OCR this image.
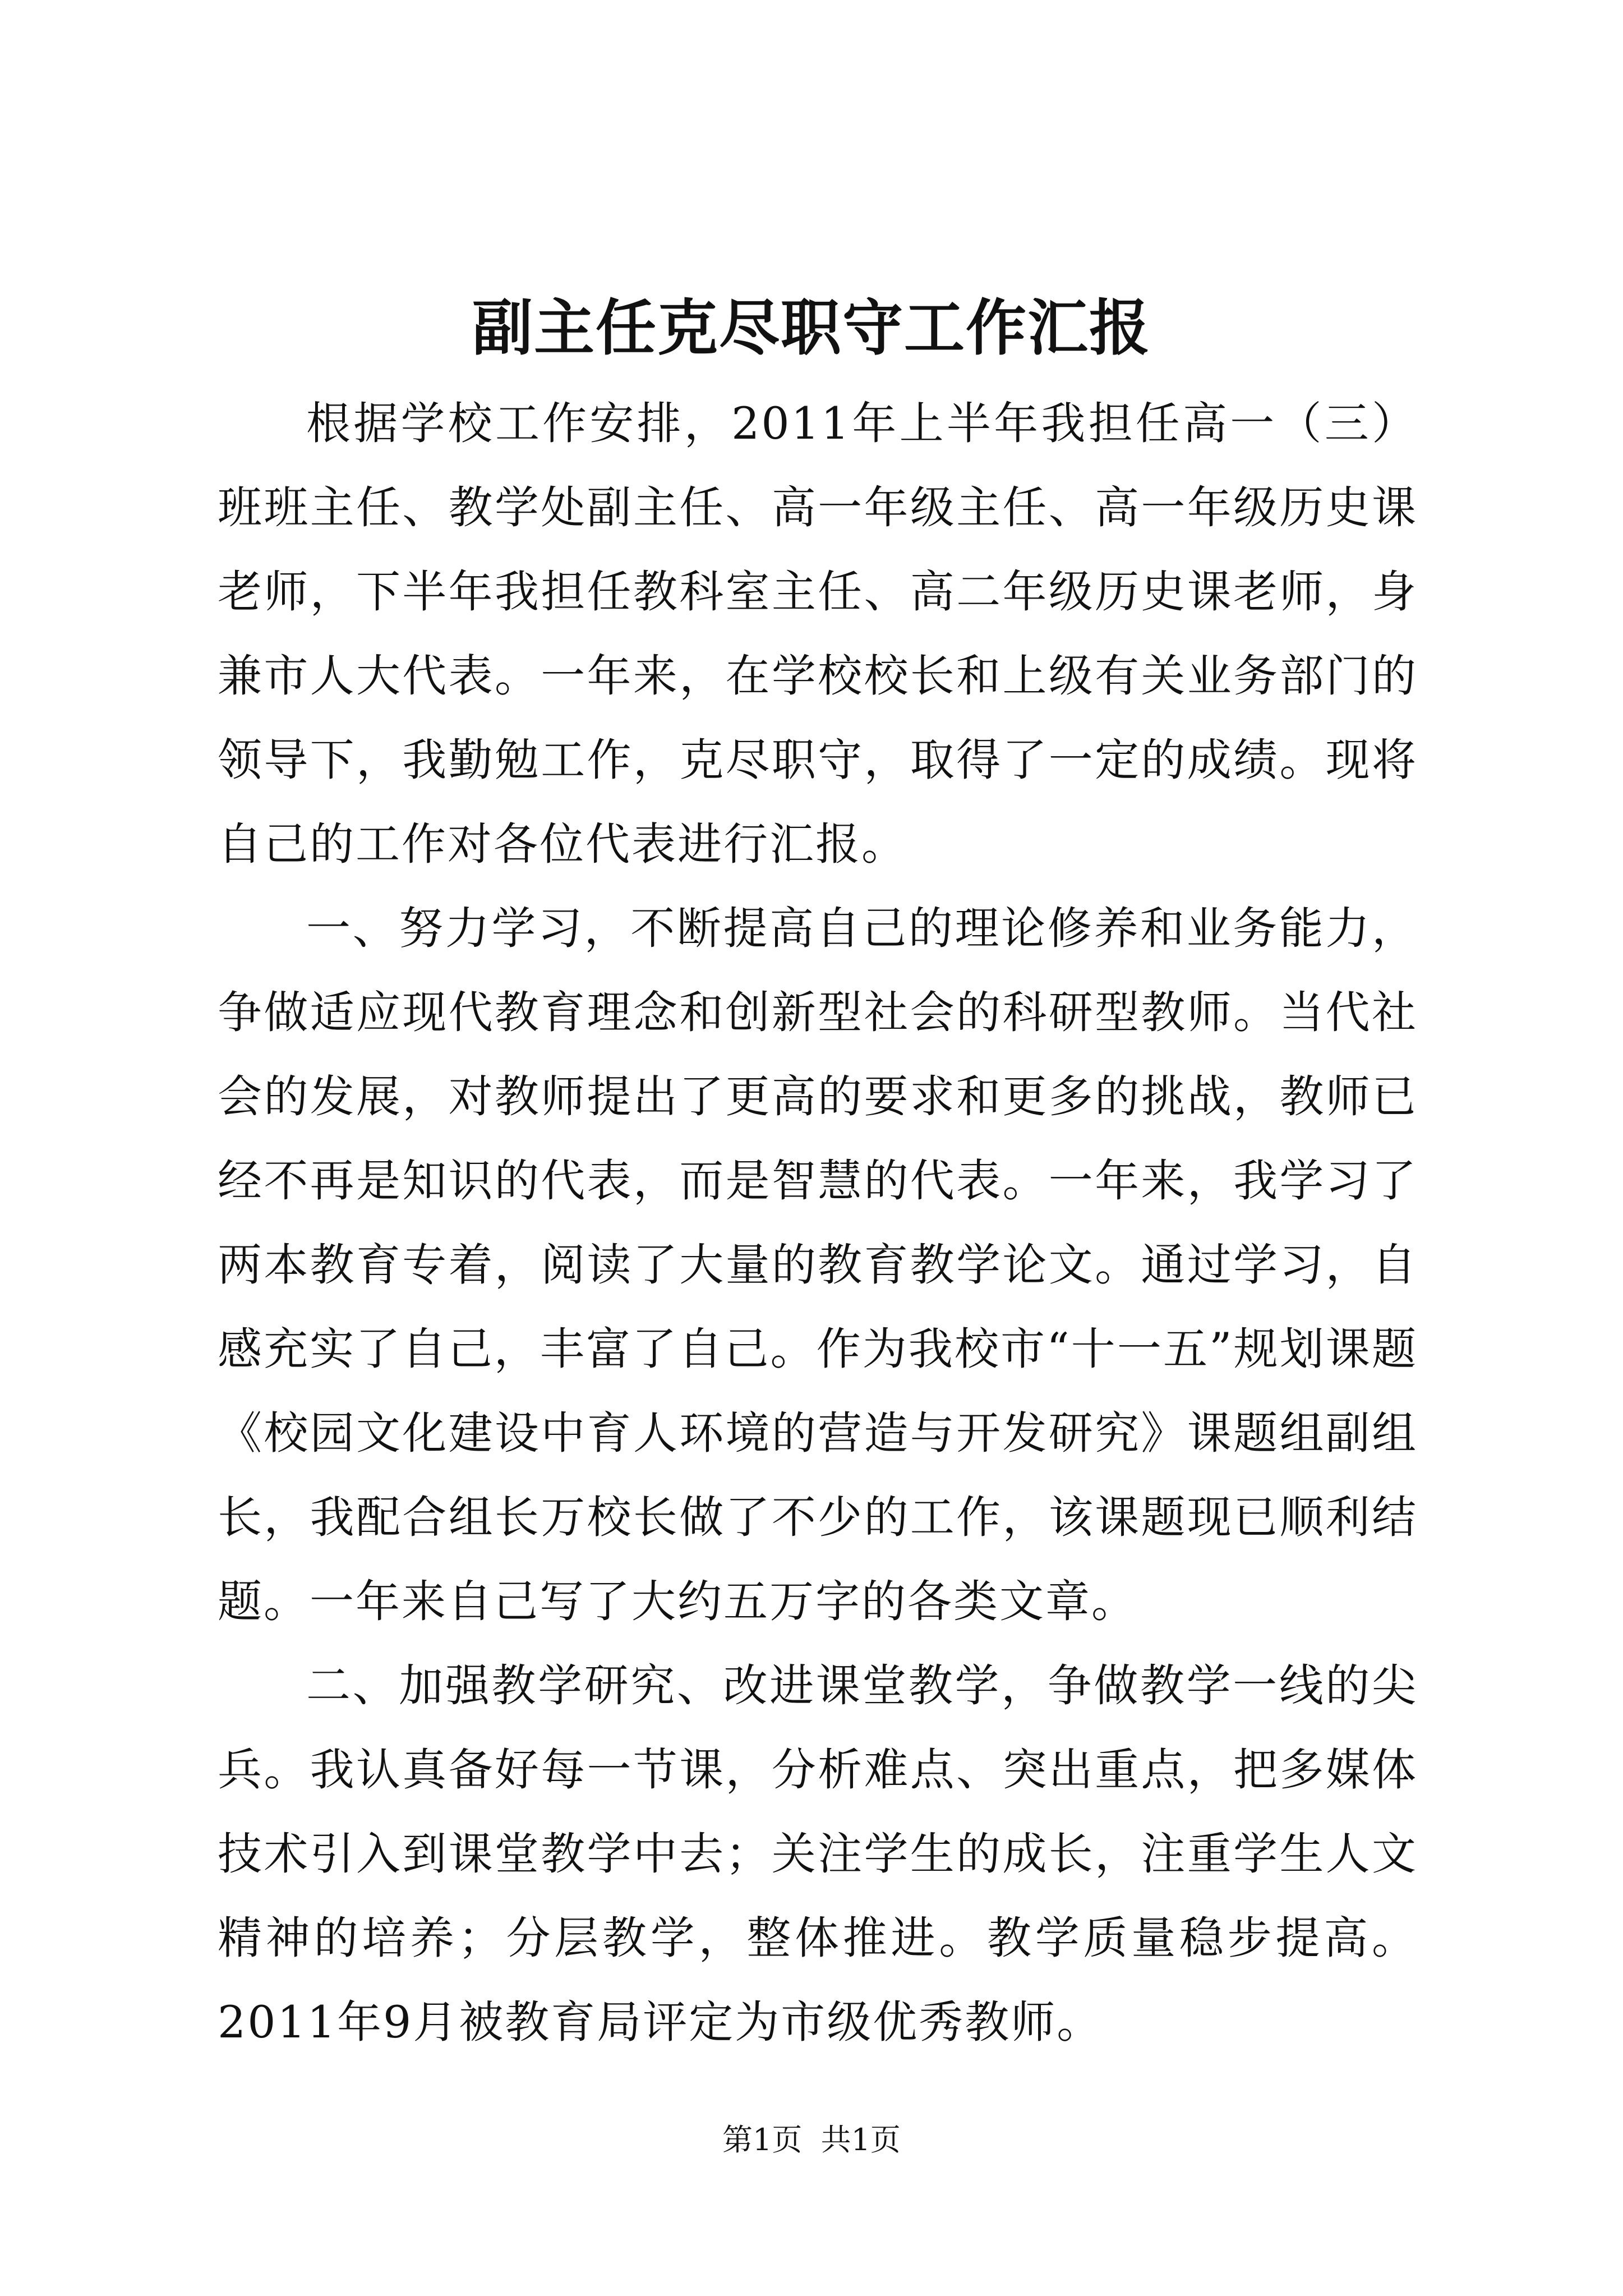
副主任克尽职守工作汇报

根据学校工作安排，2011年上半年我担任高一（三）班班主任、教学处副主任、高一年级主任、高一年级历史课老师，下半年我担任教科室主任、高二年级历史课老师，身兼市人大代表。一年来，在学校校长和上级有关业务部门的领导下，我勤勉工作，克尽职守，取得了一定的成绩。现将自己的工作对各位代表进行汇报。

一、努力学习，不断提高自己的理论修养和业务能力，争做适应现代教育理念和创新型社会的科研型教师。当代社会的发展，对教师提出了更高的要求和更多的挑战，教师已经不再是知识的代表，而是智慧的代表。一年来，我学习了两本教育专着，阅读了大量的教育教学论文。通过学习，自感充实了自己，丰富了自己。作为我校市“十一五”规划课题《校园文化建设中育人环境的营造与开发研究》课题组副组长，我配合组长万校长做了不少的工作，该课题现已顺利结题。一年来自己写了大约五万字的各类文章。

二、加强教学研究、改进课堂教学，争做教学一线的尖兵。我认真备好每一节课，分析难点、突出重点，把多媒体技术引入到课堂教学中去；关注学生的成长，注重学生人文精神的培养；分层教学，整体推进。教学质量稳步提高。2011年9月被教育局评定为市级优秀教师。

第1页 共1页
